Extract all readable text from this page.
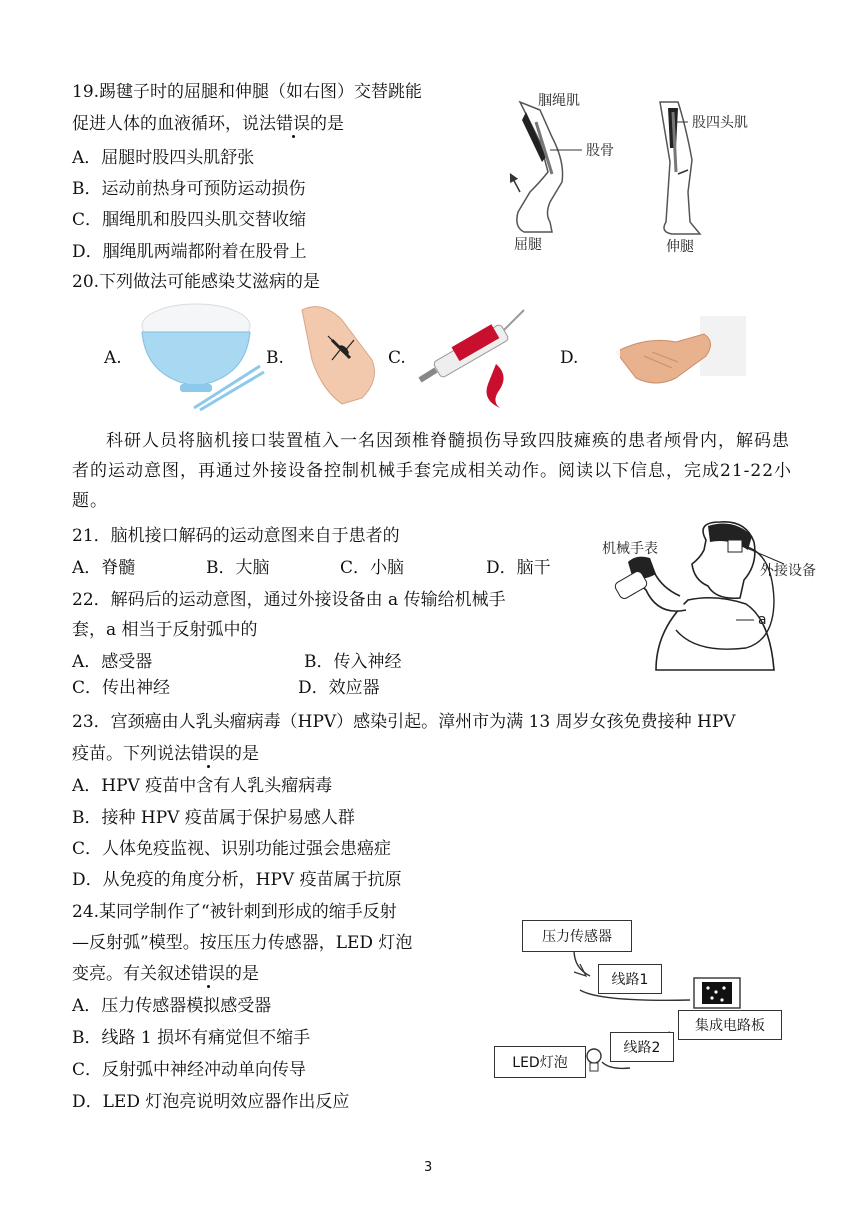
19.踢毽子时的屈腿和伸腿（如右图）交替跳能
促进人体的血液循环，说法错误的是
A．屈腿时股四头肌舒张
B．运动前热身可预防运动损伤
C．腘绳肌和股四头肌交替收缩
D．腘绳肌两端都附着在股骨上
腘绳肌
股骨
股四头肌
屈腿	伸腿
20.下列做法可能感染艾滋病的是
A.	B.	C.	D.
科研人员将脑机接口装置植入一名因颈椎脊髓损伤导致四肢瘫痪的患者颅骨内，解码患者的运动意图，再通过外接设备控制机械手套完成相关动作。阅读以下信息，完成21-22小题。
21．脑机接口解码的运动意图来自于患者的
A．脊髓	B．大脑	C．小脑	D．脑干
机械手表
外接设备
a
22．解码后的运动意图，通过外接设备由 a 传输给机械手
套，a 相当于反射弧中的
A．感受器	B．传入神经
C．传出神经	D．效应器
23．宫颈癌由人乳头瘤病毒（HPV）感染引起。漳州市为满 13 周岁女孩免费接种 HPV
疫苗。下列说法错误的是
A．HPV 疫苗中含有人乳头瘤病毒
B．接种 HPV 疫苗属于保护易感人群
C．人体免疫监视、识别功能过强会患癌症
D．从免疫的角度分析，HPV 疫苗属于抗原
24.某同学制作了“被针刺到形成的缩手反射
—反射弧”模型。按压压力传感器，LED 灯泡
变亮。有关叙述错误的是
A．压力传感器模拟感受器
B．线路 1 损坏有痛觉但不缩手
C．反射弧中神经冲动单向传导
D．LED 灯泡亮说明效应器作出反应
压力传感器
线路1
集成电路板
线路2
LED灯泡
3
